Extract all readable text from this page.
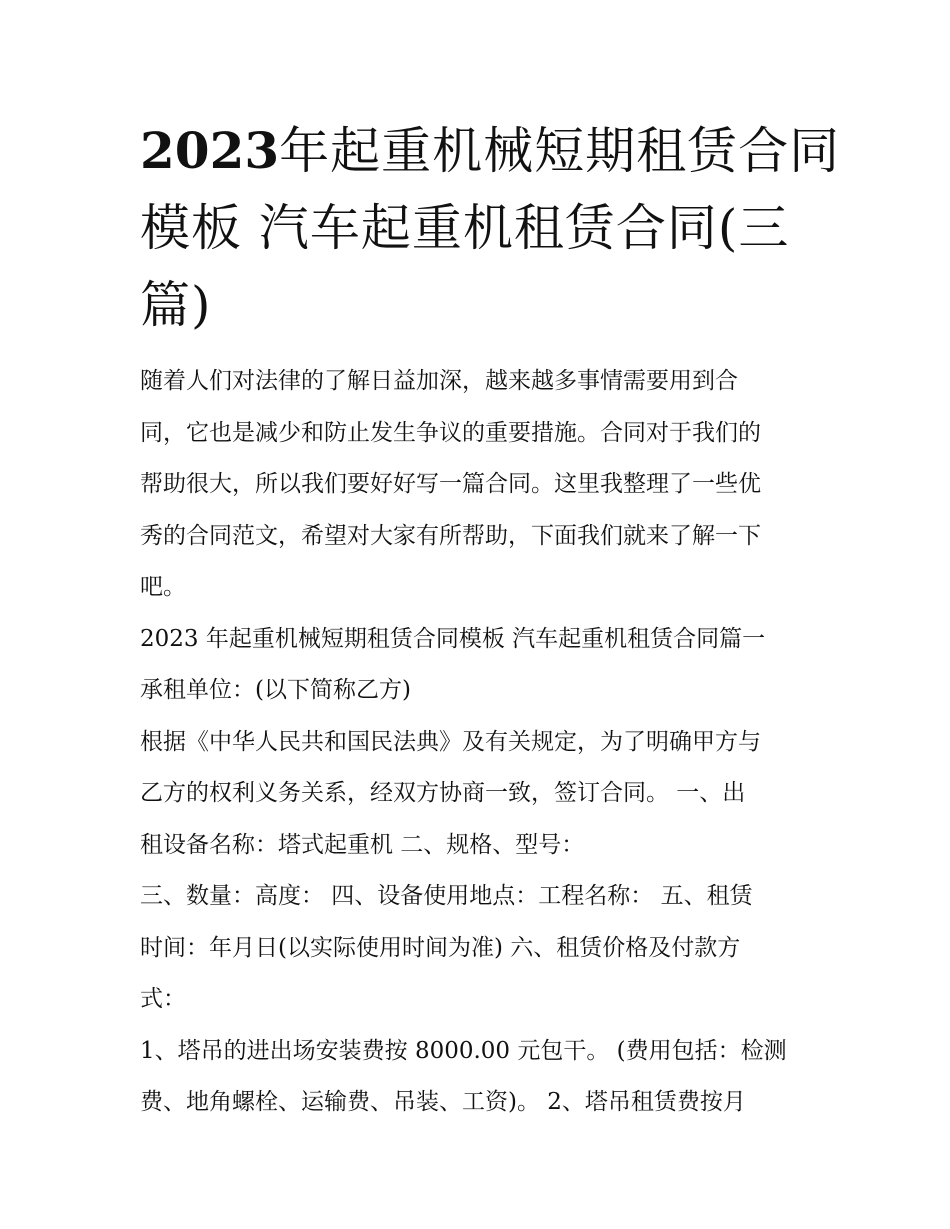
2023年起重机械短期租赁合同
模板 汽车起重机租赁合同(三
篇)

随着人们对法律的了解日益加深，越来越多事情需要用到合
同，它也是减少和防止发生争议的重要措施。合同对于我们的
帮助很大，所以我们要好好写一篇合同。这里我整理了一些优
秀的合同范文，希望对大家有所帮助，下面我们就来了解一下
吧。

2023 年起重机械短期租赁合同模板 汽车起重机租赁合同篇一

承租单位：(以下简称乙方)

根据《中华人民共和国民法典》及有关规定，为了明确甲方与
乙方的权利义务关系，经双方协商一致，签订合同。 一、出
租设备名称：塔式起重机 二、规格、型号：

三、数量：高度： 四、设备使用地点：工程名称： 五、租赁
时间：年月日(以实际使用时间为准) 六、租赁价格及付款方
式：

1、塔吊的进出场安装费按 8000.00 元包干。 (费用包括：检测
费、地角螺栓、运输费、吊装、工资)。 2、塔吊租赁费按月
